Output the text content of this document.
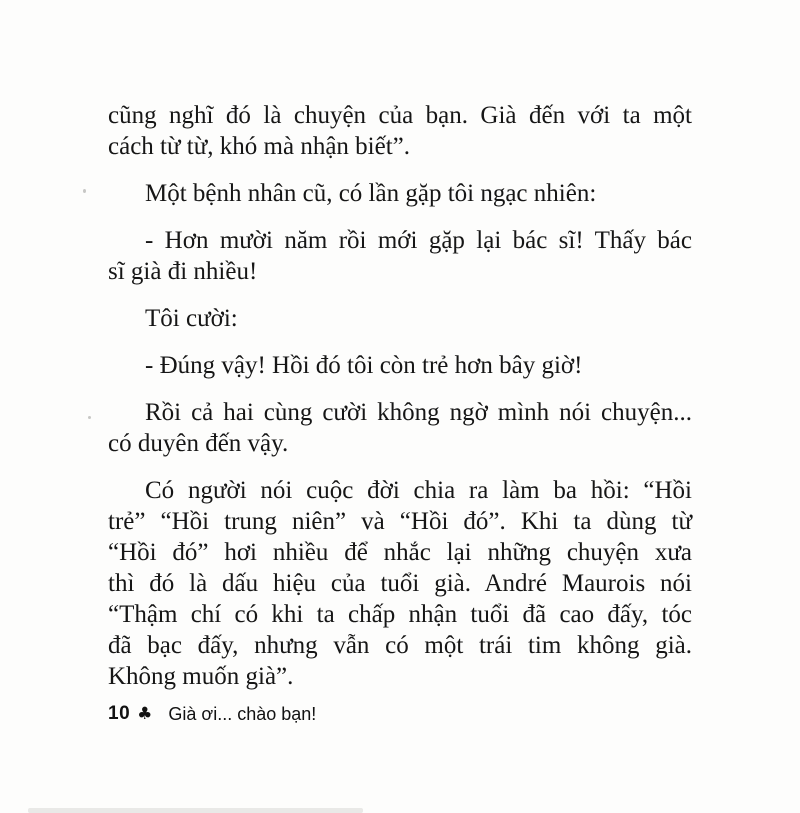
cũng nghĩ đó là chuyện của bạn. Già đến với ta một
cách từ từ, khó mà nhận biết”.

Một bệnh nhân cũ, có lần gặp tôi ngạc nhiên:

- Hơn mười năm rồi mới gặp lại bác sĩ! Thấy bác
sĩ già đi nhiều!

Tôi cười:

- Đúng vậy! Hồi đó tôi còn trẻ hơn bây giờ!

Rồi cả hai cùng cười không ngờ mình nói chuyện...
có duyên đến vậy.

Có người nói cuộc đời chia ra làm ba hồi: “Hồi
trẻ” “Hồi trung niên” và “Hồi đó”. Khi ta dùng từ
“Hồi đó” hơi nhiều để nhắc lại những chuyện xưa
thì đó là dấu hiệu của tuổi già. André Maurois nói
“Thậm chí có khi ta chấp nhận tuổi đã cao đấy, tóc
đã bạc đấy, nhưng vẫn có một trái tim không già.
Không muốn già”.

10 ♣ Già ơi... chào bạn!
